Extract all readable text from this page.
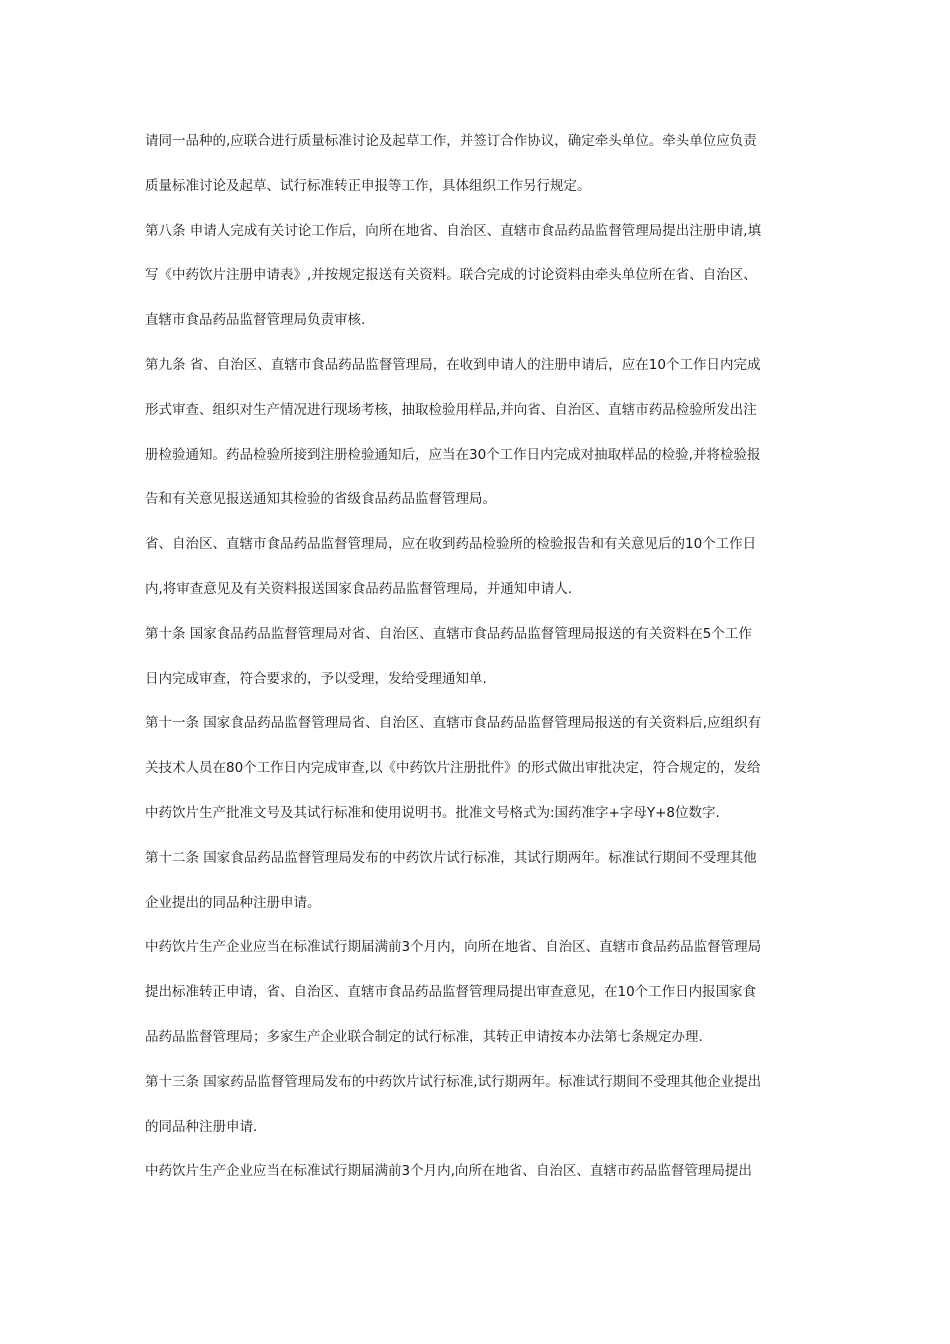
请同一品种的,应联合进行质量标准讨论及起草工作，并签订合作协议，确定牵头单位。牵头单位应负责
质量标准讨论及起草、试行标准转正申报等工作，具体组织工作另行规定。
第八条 申请人完成有关讨论工作后，向所在地省、自治区、直辖市食品药品监督管理局提出注册申请,填
写《中药饮片注册申请表》,并按规定报送有关资料。联合完成的讨论资料由牵头单位所在省、自治区、
直辖市食品药品监督管理局负责审核.
第九条 省、自治区、直辖市食品药品监督管理局，在收到申请人的注册申请后，应在10个工作日内完成
形式审查、组织对生产情况进行现场考核，抽取检验用样品,并向省、自治区、直辖市药品检验所发出注
册检验通知。药品检验所接到注册检验通知后，应当在30个工作日内完成对抽取样品的检验,并将检验报
告和有关意见报送通知其检验的省级食品药品监督管理局。
省、自治区、直辖市食品药品监督管理局，应在收到药品检验所的检验报告和有关意见后的10个工作日
内,将审查意见及有关资料报送国家食品药品监督管理局，并通知申请人.
第十条 国家食品药品监督管理局对省、自治区、直辖市食品药品监督管理局报送的有关资料在5个工作
日内完成审查，符合要求的，予以受理，发给受理通知单.
第十一条 国家食品药品监督管理局省、自治区、直辖市食品药品监督管理局报送的有关资料后,应组织有
关技术人员在80个工作日内完成审查,以《中药饮片注册批件》的形式做出审批决定，符合规定的，发给
中药饮片生产批准文号及其试行标准和使用说明书。批准文号格式为:国药准字+字母Y+8位数字.
第十二条 国家食品药品监督管理局发布的中药饮片试行标准，其试行期两年。标准试行期间不受理其他
企业提出的同品种注册申请。
中药饮片生产企业应当在标准试行期届满前3个月内，向所在地省、自治区、直辖市食品药品监督管理局
提出标准转正申请，省、自治区、直辖市食品药品监督管理局提出审查意见，在10个工作日内报国家食
品药品监督管理局；多家生产企业联合制定的试行标准，其转正申请按本办法第七条规定办理.
第十三条 国家药品监督管理局发布的中药饮片试行标准,试行期两年。标准试行期间不受理其他企业提出
的同品种注册申请.
中药饮片生产企业应当在标准试行期届满前3个月内,向所在地省、自治区、直辖市药品监督管理局提出
